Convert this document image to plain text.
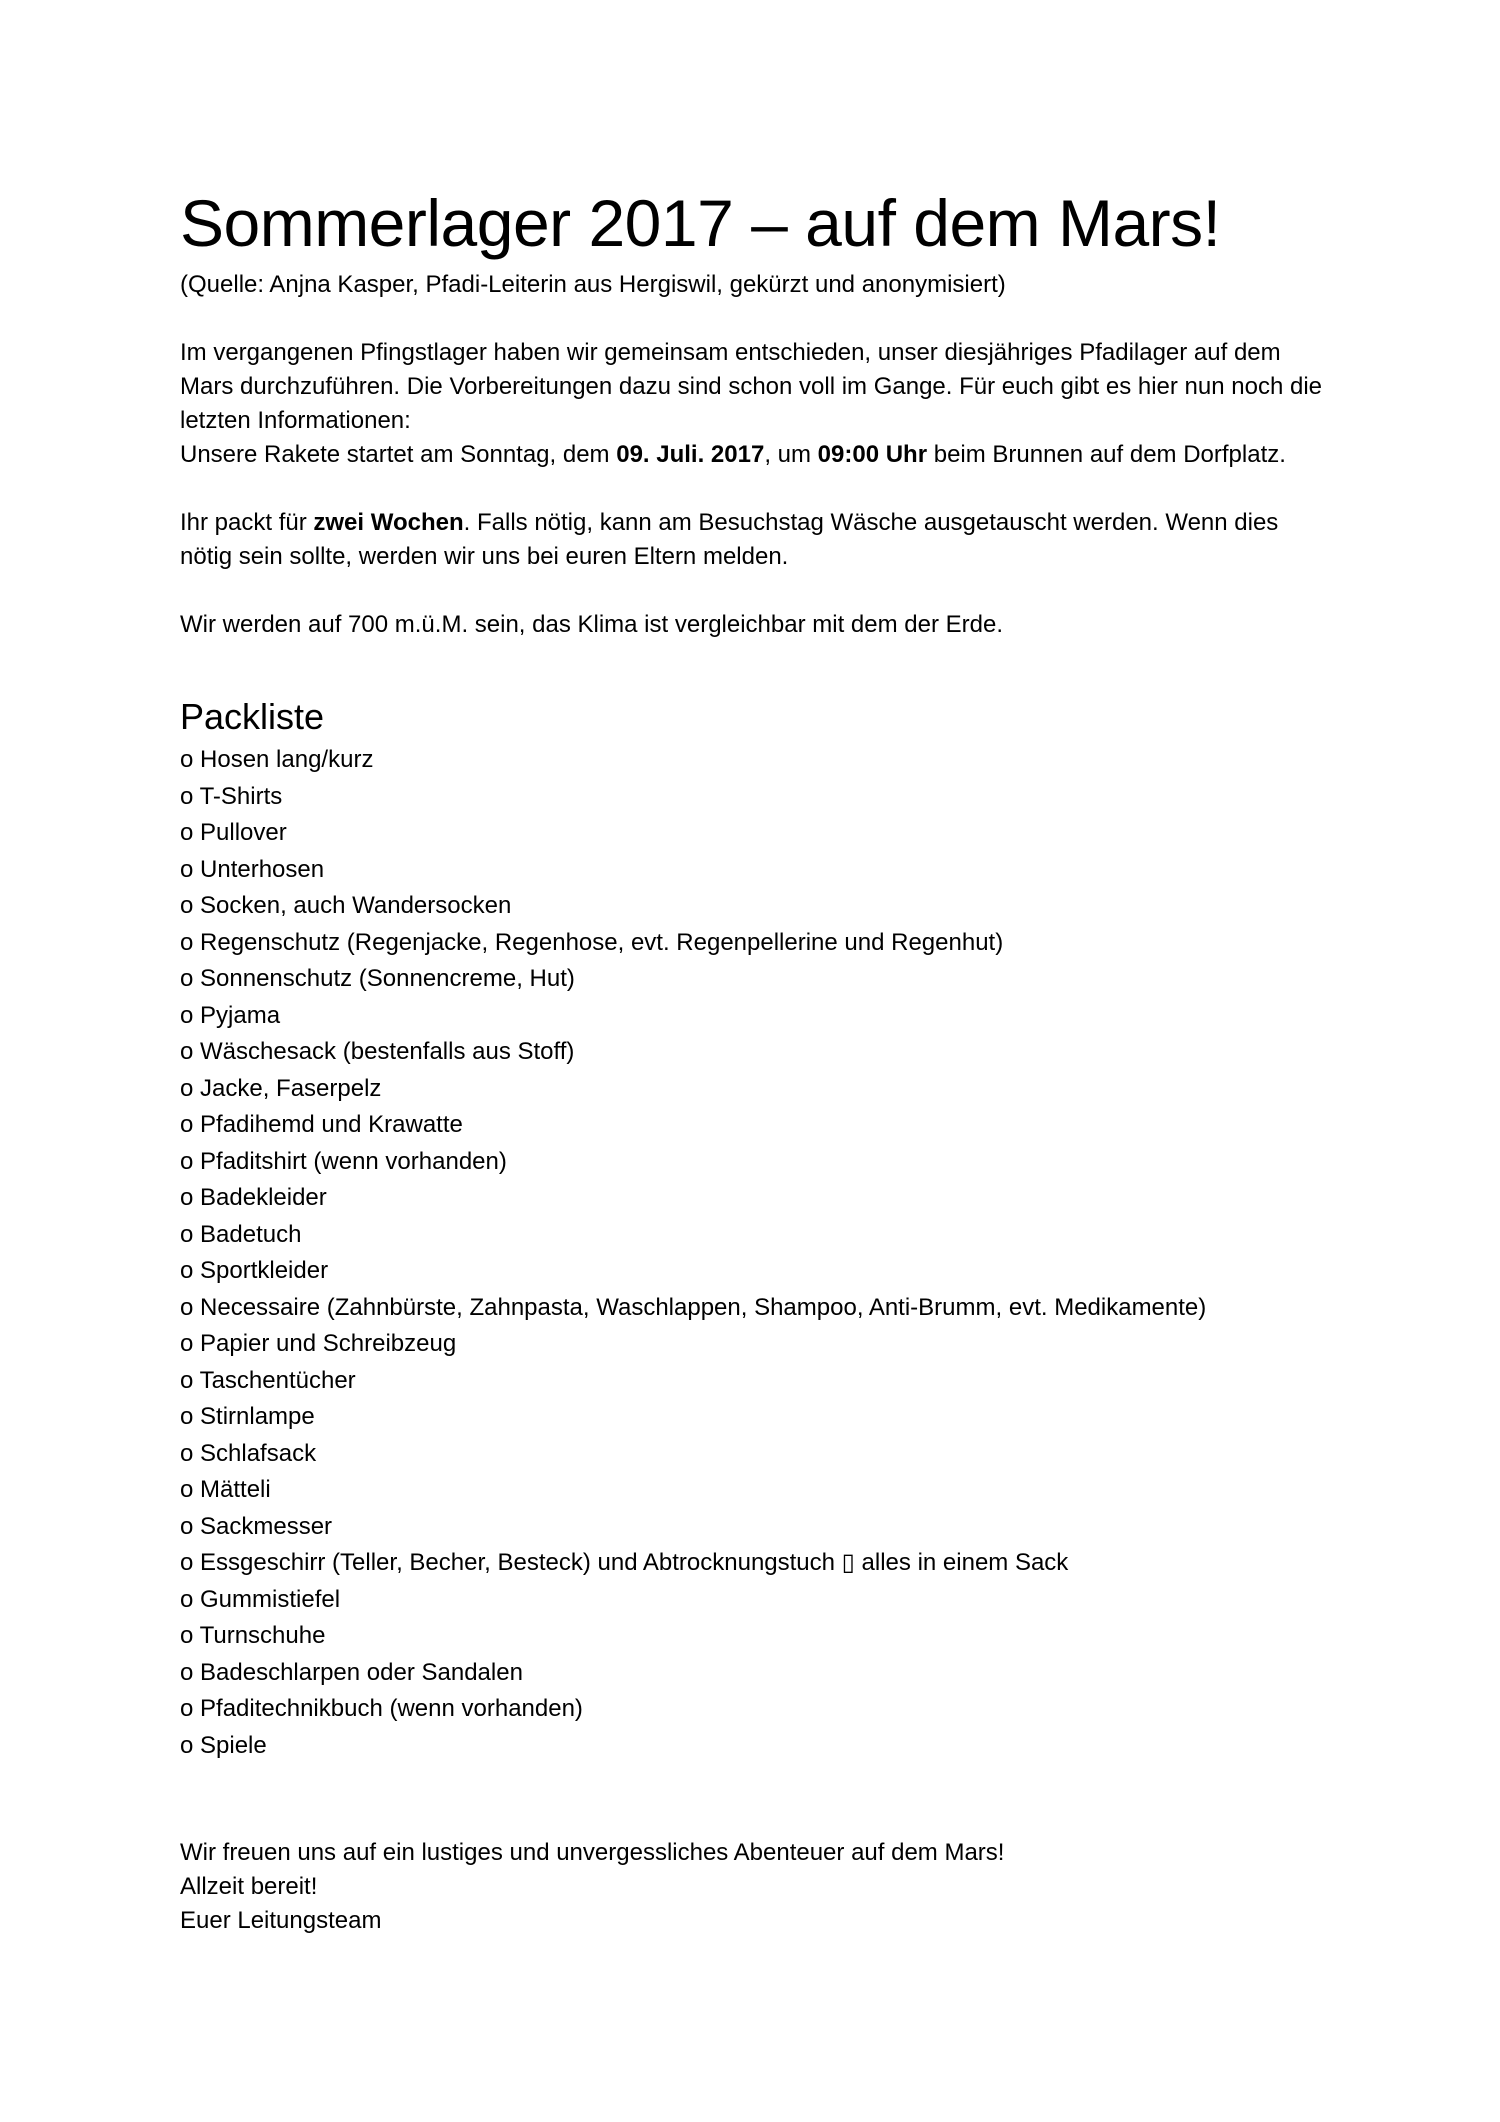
Sommerlager 2017 – auf dem Mars!

(Quelle: Anjna Kasper, Pfadi-Leiterin aus Hergiswil, gekürzt und anonymisiert)

Im vergangenen Pfingstlager haben wir gemeinsam entschieden, unser diesjähriges Pfadilager auf dem Mars durchzuführen. Die Vorbereitungen dazu sind schon voll im Gange. Für euch gibt es hier nun noch die letzten Informationen:

Unsere Rakete startet am Sonntag, dem 09. Juli. 2017, um 09:00 Uhr beim Brunnen auf dem Dorfplatz.

Ihr packt für zwei Wochen. Falls nötig, kann am Besuchstag Wäsche ausgetauscht werden. Wenn dies nötig sein sollte, werden wir uns bei euren Eltern melden.

Wir werden auf 700 m.ü.M. sein, das Klima ist vergleichbar mit dem der Erde.

Packliste
o Hosen lang/kurz
o T-Shirts
o Pullover
o Unterhosen
o Socken, auch Wandersocken
o Regenschutz (Regenjacke, Regenhose, evt. Regenpellerine und Regenhut)
o Sonnenschutz (Sonnencreme, Hut)
o Pyjama
o Wäschesack (bestenfalls aus Stoff)
o Jacke, Faserpelz
o Pfadihemd und Krawatte
o Pfaditshirt (wenn vorhanden)
o Badekleider
o Badetuch
o Sportkleider
o Necessaire (Zahnbürste, Zahnpasta, Waschlappen, Shampoo, Anti-Brumm, evt. Medikamente)
o Papier und Schreibzeug
o Taschentücher
o Stirnlampe
o Schlafsack
o Mätteli
o Sackmesser
o Essgeschirr (Teller, Becher, Besteck) und Abtrocknungstuch ▯ alles in einem Sack
o Gummistiefel
o Turnschuhe
o Badeschlarpen oder Sandalen
o Pfaditechnikbuch (wenn vorhanden)
o Spiele

Wir freuen uns auf ein lustiges und unvergessliches Abenteuer auf dem Mars!

Allzeit bereit!

Euer Leitungsteam
